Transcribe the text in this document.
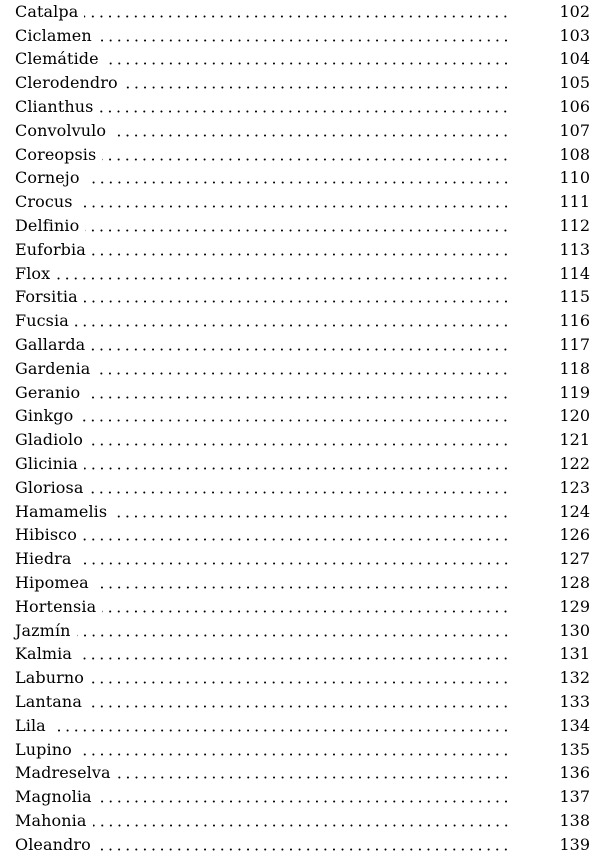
Catalpa	102
Ciclamen	103
Clemátide	104
Clerodendro	105
Clianthus	106
Convolvulo	107
Coreopsis	108
Cornejo	110
Crocus	111
Delfinio	112
Euforbia	113
Flox	114
Forsitia	115
Fucsia	116
Gallarda	117
Gardenia	118
Geranio	119
Ginkgo	120
Gladiolo	121
Glicinia	122
Gloriosa	123
Hamamelis	124
Hibisco	126
Hiedra	127
Hipomea	128
Hortensia	129
Jazmín	130
Kalmia	131
Laburno	132
Lantana	133
Lila	134
Lupino	135
Madreselva	136
Magnolia	137
Mahonia	138
Oleandro	139
